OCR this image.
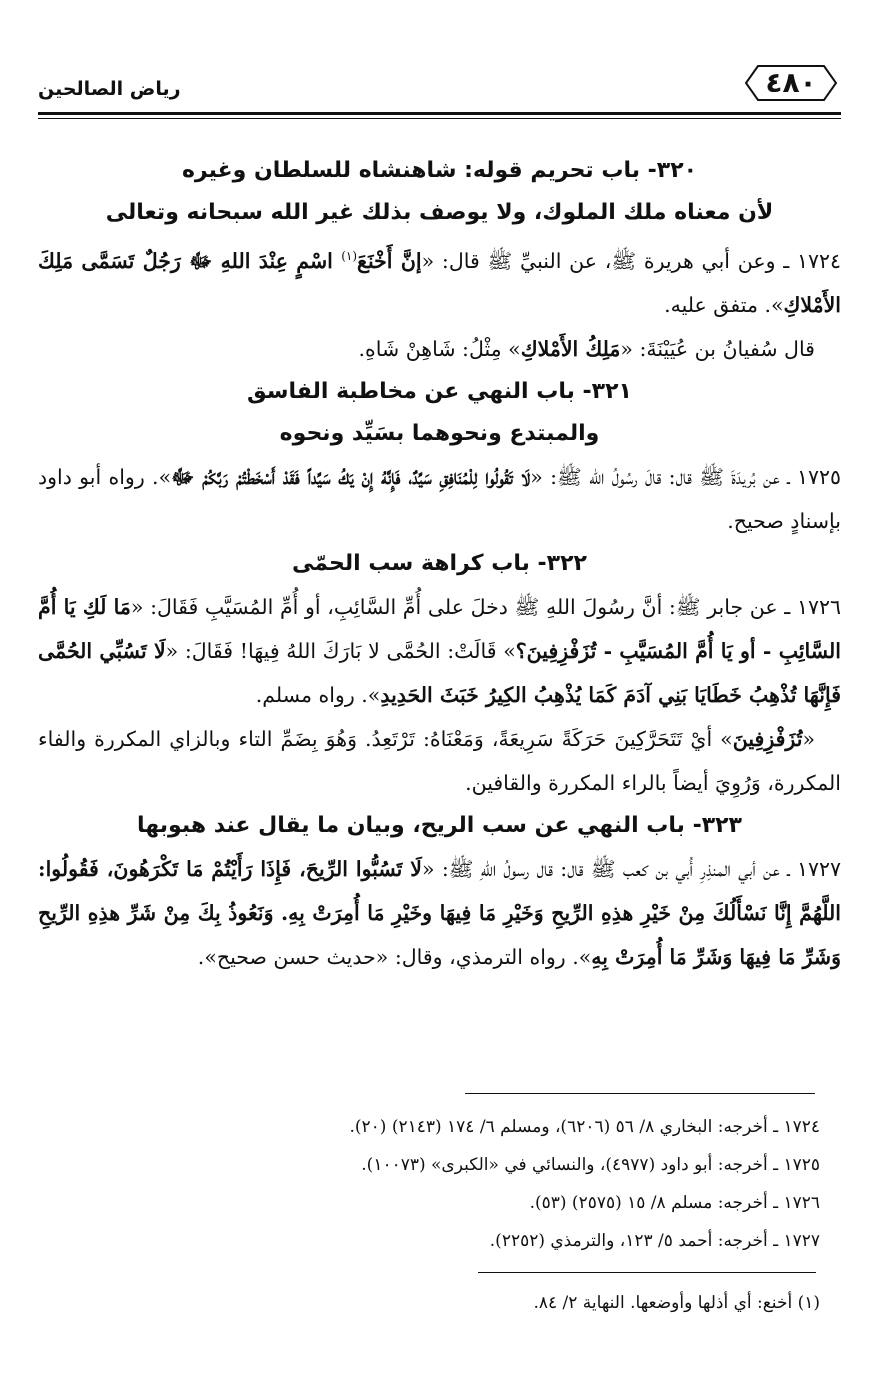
٤٨٠
رياض الصالحين
٣٢٠- باب تحريم قوله: شاهنشاه للسلطان وغيره
لأن معناه ملك الملوك، ولا يوصف بذلك غير الله سبحانه وتعالى

١٧٢٤ ـ وعن أبي هريرة ﷺ، عن النبيِّ ﷺ قال: «إنَّ أَخْنَعَ$^{(١)}$ اسْمٍ عِنْدَ اللهِ ﷻ رَجُلٌ تَسَمَّى مَلِكَ الأَمْلاكِ». متفق عليه.

قال سُفيانُ بن عُيَيْنَةَ: «مَلِكُ الأَمْلاكِ» مِثْلُ: شَاهِنْ شَاهِ.

٣٢١- باب النهي عن مخاطبة الفاسق
والمبتدع ونحوهما بسَيِّد ونحوه

١٧٢٥ ـ عن بُريدَةَ ﷺ قال: قالَ رسُولُ الله ﷺ: «لَا تَقُولُوا لِلْمُنَافِقِ سَيِّدٌ، فَإِنَّهُ إِنْ يَكُ سَيِّداً فَقَدْ أَسْخَطْتُمْ رَبَّكُمْ ﷻ». رواه أبو داود بإسنادٍ صحيح.

٣٢٢- باب كراهة سب الحمّى

١٧٢٦ ـ عن جابر ﷺ: أنَّ رسُولَ اللهِ ﷺ دخلَ على أُمِّ السَّائِبِ، أو أُمِّ المُسَيَّبِ فَقَالَ: «مَا لَكِ يَا أُمَّ السَّائِبِ - أو يَا أُمَّ المُسَيَّبِ - تُزَفْزِفِينَ؟» قَالَتْ: الحُمَّى لا بَارَكَ اللهُ فِيهَا! فَقَالَ: «لَا تَسُبِّي الحُمَّى فَإِنَّهَا تُذْهِبُ خَطَايَا بَنِي آدَمَ كَمَا يُذْهِبُ الكِيرُ خَبَثَ الحَدِيدِ». رواه مسلم.

«تُزَفْزِفِينَ» أيْ تَتَحَرَّكِينَ حَرَكَةً سَرِيعَةً، وَمَعْنَاهُ: تَرْتَعِدُ. وَهُوَ بِضَمِّ التاء وبالزاي المكررة والفاء المكررة، وَرُوِيَ أيضاً بالراء المكررة والقافين.

٣٢٣- باب النهي عن سب الريح، وبيان ما يقال عند هبوبها

١٧٢٧ ـ عن أبي المنذِرِ أُبي بن كعب ﷺ قال: قال رسولُ اللهِ ﷺ: «لَا تَسُبُّوا الرِّيحَ، فَإِذَا رَأَيْتُمْ مَا تَكْرَهُونَ، فَقُولُوا: اللَّهُمَّ إِنَّا نَسْأَلُكَ مِنْ خَيْرِ هذِهِ الرِّيحِ وَخَيْرِ مَا فِيهَا وخَيْرِ مَا أُمِرَتْ بِهِ. وَنَعُوذُ بِكَ مِنْ شَرِّ هذِهِ الرِّيحِ وَشَرِّ مَا فِيهَا وَشَرِّ مَا أُمِرَتْ بِهِ». رواه الترمذي، وقال: «حديث حسن صحيح».

١٧٢٤ ـ أخرجه: البخاري ٨/ ٥٦ (٦٢٠٦)، ومسلم ٦/ ١٧٤ (٢١٤٣) (٢٠).
١٧٢٥ ـ أخرجه: أبو داود (٤٩٧٧)، والنسائي في «الكبرى» (١٠٠٧٣).
١٧٢٦ ـ أخرجه: مسلم ٨/ ١٥ (٢٥٧٥) (٥٣).
١٧٢٧ ـ أخرجه: أحمد ٥/ ١٢٣، والترمذي (٢٢٥٢).
(١) أخنع: أي أذلها وأوضعها. النهاية ٢/ ٨٤.
